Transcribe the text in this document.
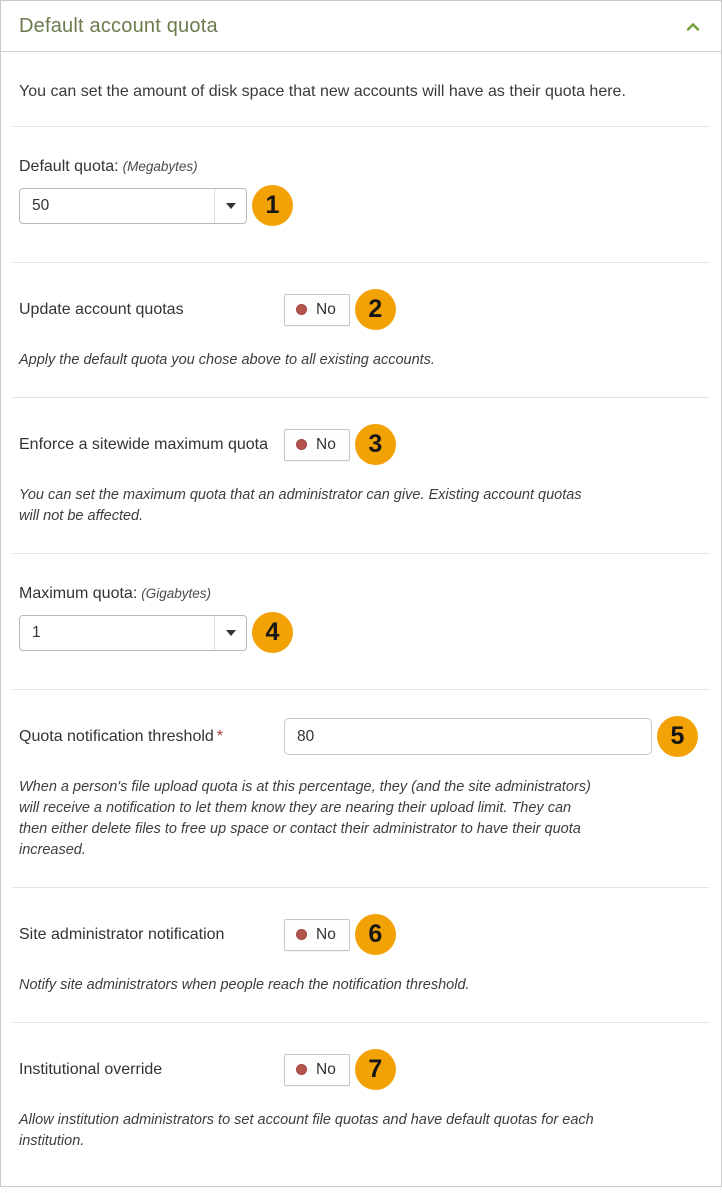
Default account quota

You can set the amount of disk space that new accounts will have as their quota here.

Default quota: (Megabytes)
50	1
Update account quotas	No	2

Apply the default quota you chose above to all existing accounts.

Enforce a sitewide maximum quota	No	3

You can set the maximum quota that an administrator can give. Existing account quotas will not be affected.

Maximum quota: (Gigabytes)
1	4
Quota notification threshold *
80	5

When a person's file upload quota is at this percentage, they (and the site administrators) will receive a notification to let them know they are nearing their upload limit. They can then either delete files to free up space or contact their administrator to have their quota increased.

Site administrator notification	No	6

Notify site administrators when people reach the notification threshold.

Institutional override	No	7

Allow institution administrators to set account file quotas and have default quotas for each institution.
